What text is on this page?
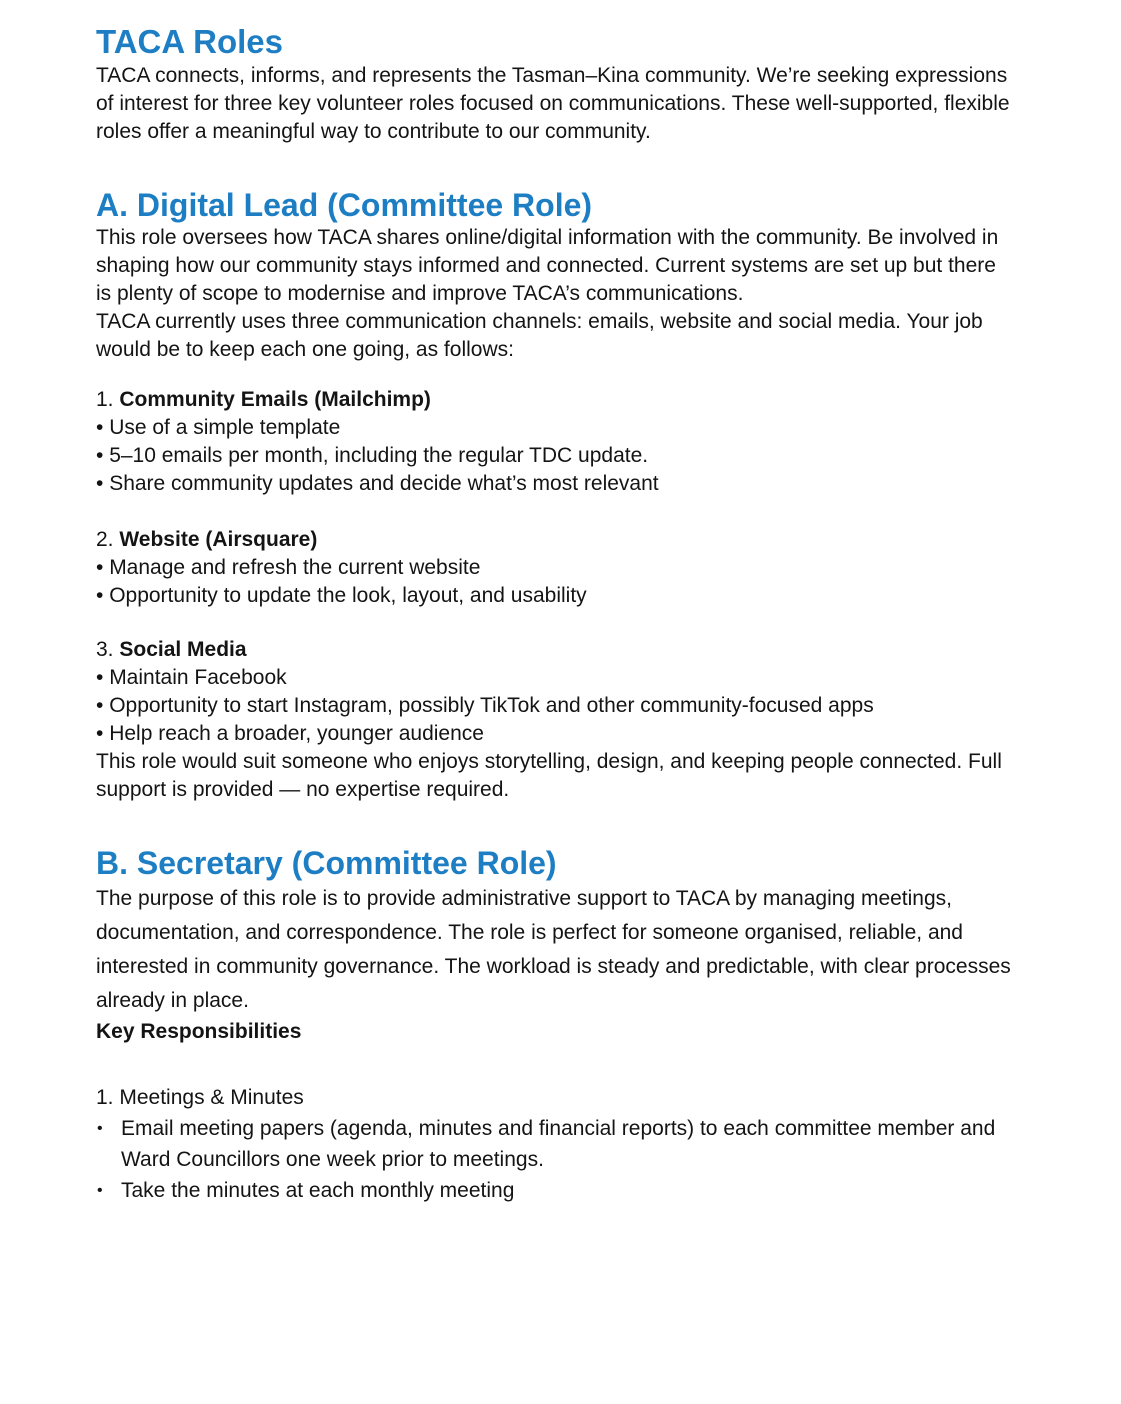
TACA Roles

TACA connects, informs, and represents the Tasman–Kina community. We’re seeking expressions of interest for three key volunteer roles focused on communications. These well-supported, flexible roles offer a meaningful way to contribute to our community.

A. Digital Lead (Committee Role)

This role oversees how TACA shares online/digital information with the community. Be involved in shaping how our community stays informed and connected. Current systems are set up but there is plenty of scope to modernise and improve TACA’s communications.

TACA currently uses three communication channels: emails, website and social media. Your job would be to keep each one going, as follows:

1. Community Emails (Mailchimp)

• Use of a simple template
• 5–10 emails per month, including the regular TDC update.
• Share community updates and decide what’s most relevant

2. Website (Airsquare)

• Manage and refresh the current website
• Opportunity to update the look, layout, and usability

3. Social Media

• Maintain Facebook
• Opportunity to start Instagram, possibly TikTok and other community-focused apps
• Help reach a broader, younger audience

This role would suit someone who enjoys storytelling, design, and keeping people connected. Full support is provided — no expertise required.

B. Secretary (Committee Role)

The purpose of this role is to provide administrative support to TACA by managing meetings, documentation, and correspondence. The role is perfect for someone organised, reliable, and interested in community governance. The workload is steady and predictable, with clear processes already in place.

Key Responsibilities

1. Meetings & Minutes

• Email meeting papers (agenda, minutes and financial reports) to each committee member and Ward Councillors one week prior to meetings.
• Take the minutes at each monthly meeting
